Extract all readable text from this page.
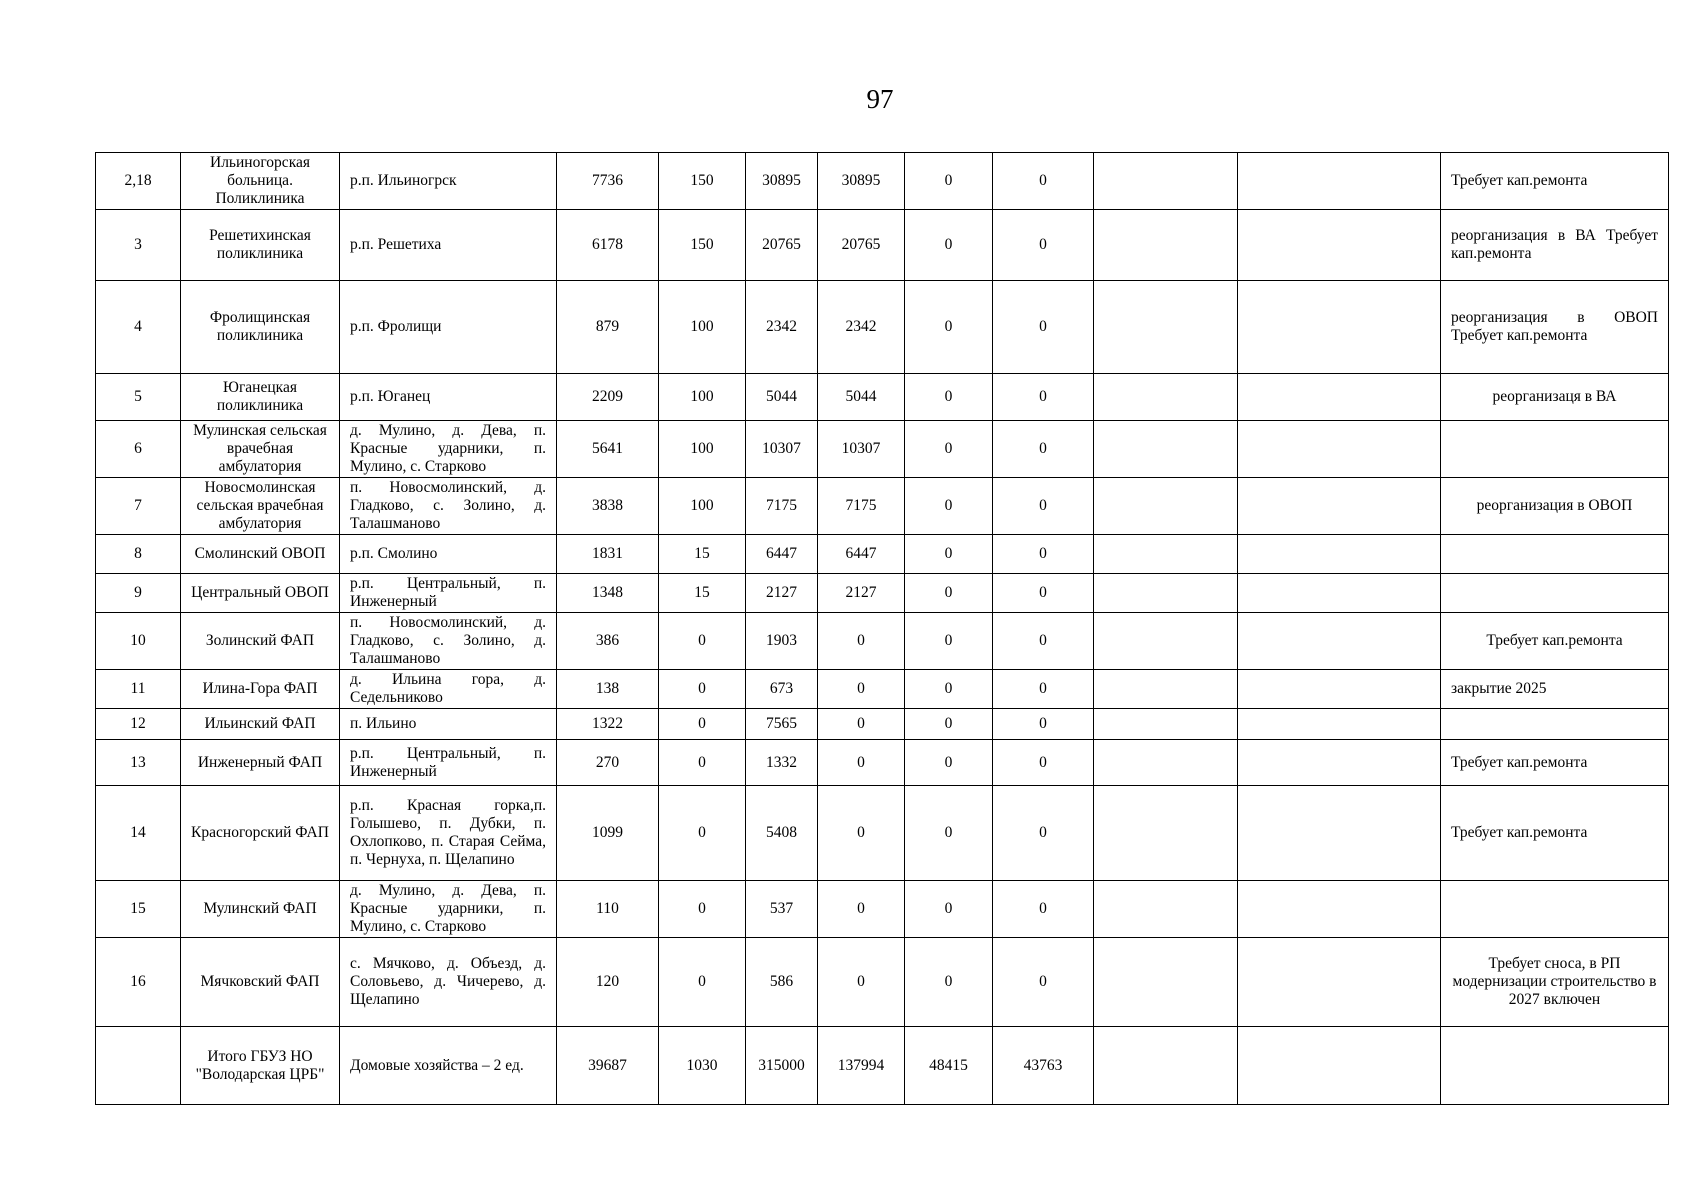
97
2,18	Ильиногорская больница. Поликлиника	р.п. Ильиногрск	7736	150	30895	30895	0	0			Требует кап.ремонта
3	Решетихинская поликлиника	р.п. Решетиха	6178	150	20765	20765	0	0			реорганизация в ВА Требует кап.ремонта
4	Фролищинская поликлиника	р.п. Фролищи	879	100	2342	2342	0	0			реорганизация в ОВОП Требует кап.ремонта
5	Юганецкая поликлиника	р.п. Юганец	2209	100	5044	5044	0	0			реорганизаця в ВА
6	Мулинская сельская врачебная амбулатория	д. Мулино, д. Дева, п. Красные ударники, п. Мулино, с. Старково	5641	100	10307	10307	0	0			
7	Новосмолинская сельская врачебная амбулатория	п. Новосмолинский, д. Гладково, с. Золино, д. Талашманово	3838	100	7175	7175	0	0			реорганизация в ОВОП
8	Смолинский ОВОП	р.п. Смолино	1831	15	6447	6447	0	0			
9	Центральный ОВОП	р.п. Центральный, п. Инженерный	1348	15	2127	2127	0	0			
10	Золинский ФАП	п. Новосмолинский, д. Гладково, с. Золино, д. Талашманово	386	0	1903	0	0	0			Требует кап.ремонта
11	Илина-Гора ФАП	д. Ильина гора, д. Седельниково	138	0	673	0	0	0			закрытие 2025
12	Ильинский ФАП	п. Ильино	1322	0	7565	0	0	0			
13	Инженерный ФАП	р.п. Центральный, п. Инженерный	270	0	1332	0	0	0			Требует кап.ремонта
14	Красногорский ФАП	р.п. Красная горка,п. Голышево, п. Дубки, п. Охлопково, п. Старая Сейма, п. Чернуха, п. Щелапино	1099	0	5408	0	0	0			Требует кап.ремонта
15	Мулинский ФАП	д. Мулино, д. Дева, п. Красные ударники, п. Мулино, с. Старково	110	0	537	0	0	0			
16	Мячковский ФАП	с. Мячково, д. Объезд, д. Соловьево, д. Чичерево, д. Щелапино	120	0	586	0	0	0			Требует сноса, в РП модернизации строительство в 2027 включен
	Итого ГБУЗ НО "Володарская ЦРБ"	Домовые хозяйства – 2 ед.	39687	1030	315000	137994	48415	43763			
